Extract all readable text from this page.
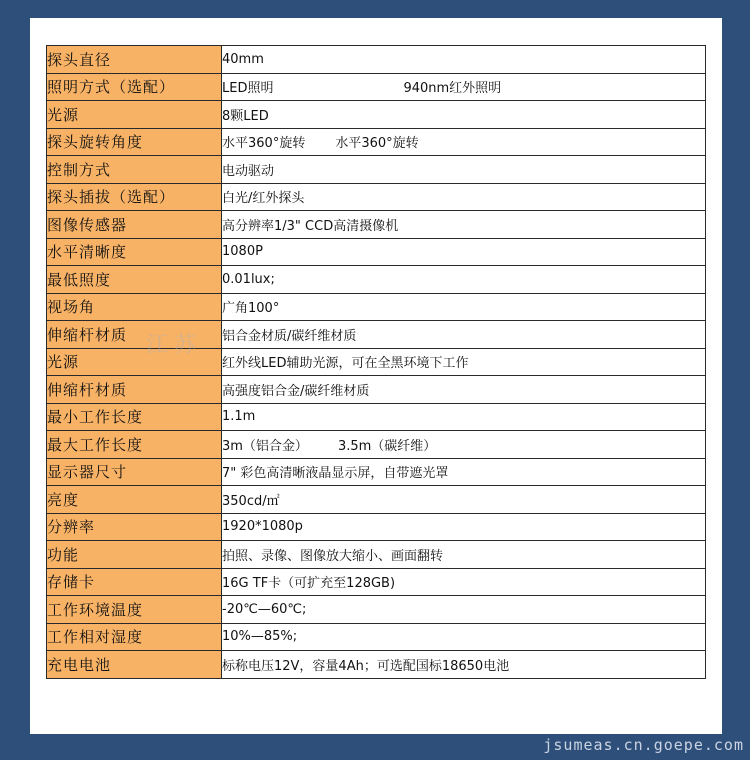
探头直径	40mm
照明方式（选配）	LED照明 940nm红外照明
光源	8颗LED
探头旋转角度	水平360°旋转 水平360°旋转
控制方式	电动驱动
探头插拔（选配）	白光/红外探头
图像传感器	高分辨率1/3" CCD高清摄像机
水平清晰度	1080P
最低照度	0.01lux;
视场角	广角100°
伸缩杆材质	铝合金材质/碳纤维材质
光源	红外线LED辅助光源，可在全黑环境下工作
伸缩杆材质	高强度铝合金/碳纤维材质
最小工作长度	1.1m
最大工作长度	3m（铝合金） 3.5m（碳纤维）
显示器尺寸	7" 彩色高清晰液晶显示屏，自带遮光罩
亮度	350cd/㎡
分辨率	1920*1080p
功能	拍照、录像、图像放大缩小、画面翻转
存储卡	16G TF卡（可扩充至128GB)
工作环境温度	-20℃—60℃;
工作相对湿度	10%—85%;
充电电池	标称电压12V，容量4Ah；可选配国标18650电池
江苏
jsumeas.cn.goepe.com
